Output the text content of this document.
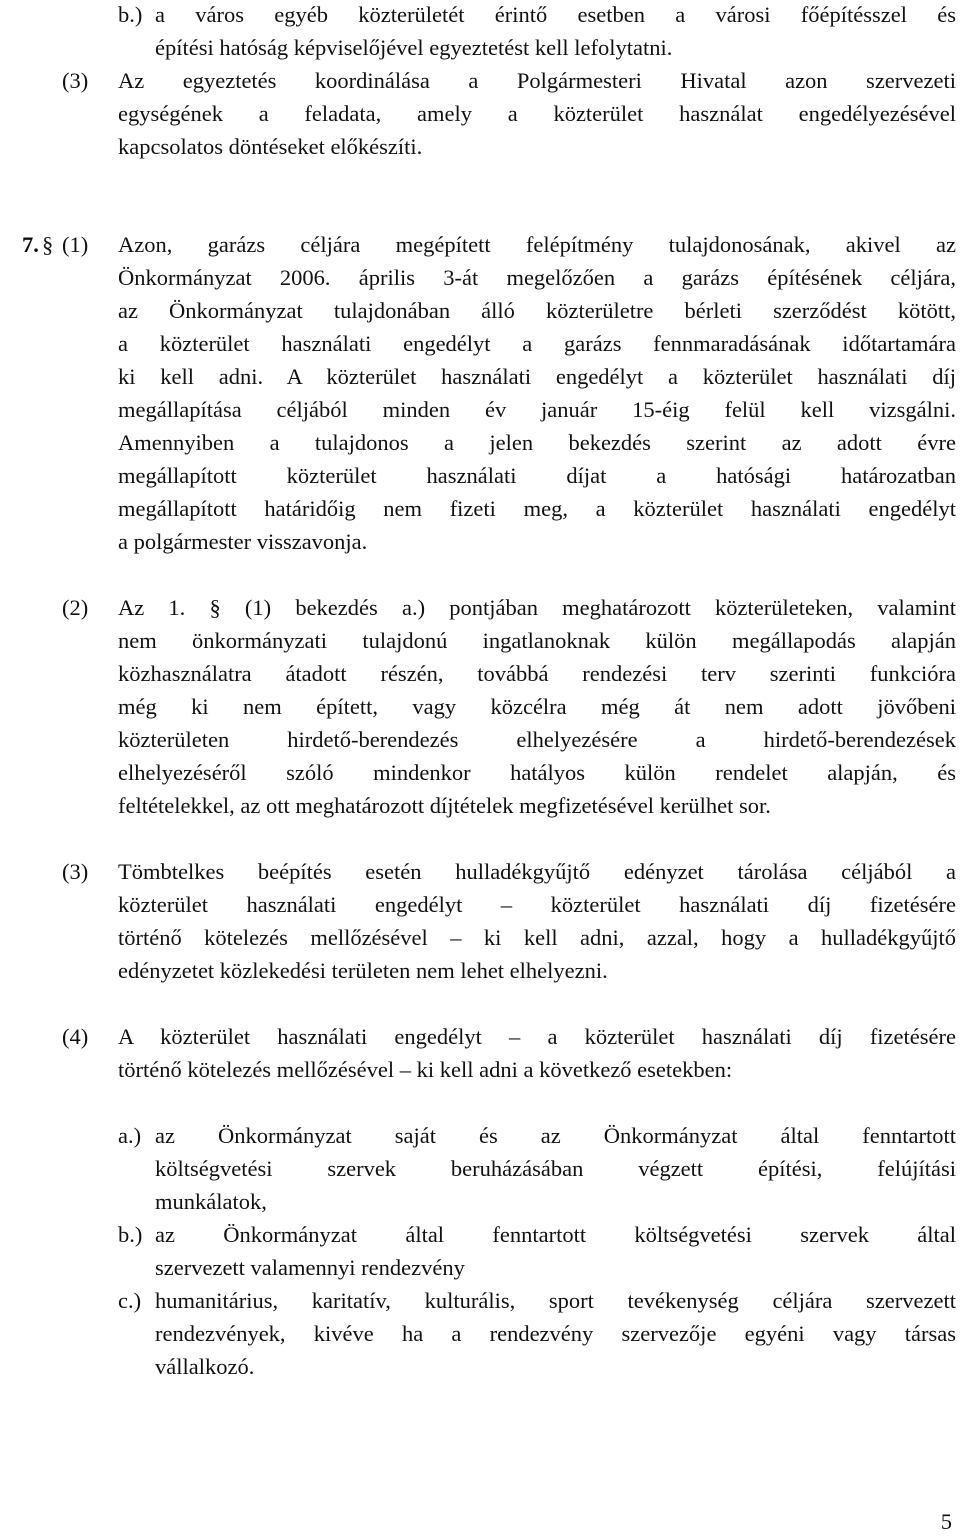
b.) a város egyéb közterületét érintő esetben a városi főépítésszel és
építési hatóság képviselőjével egyeztetést kell lefolytatni.
(3) Az egyeztetés koordinálása a Polgármesteri Hivatal azon szervezeti
egységének a feladata, amely a közterület használat engedélyezésével
kapcsolatos döntéseket előkészíti.
7. § (1) Azon, garázs céljára megépített felépítmény tulajdonosának, akivel az
Önkormányzat 2006. április 3-át megelőzően a garázs építésének céljára,
az Önkormányzat tulajdonában álló közterületre bérleti szerződést kötött,
a közterület használati engedélyt a garázs fennmaradásának időtartamára
ki kell adni. A közterület használati engedélyt a közterület használati díj
megállapítása céljából minden év január 15-éig felül kell vizsgálni.
Amennyiben a tulajdonos a jelen bekezdés szerint az adott évre
megállapított közterület használati díjat a hatósági határozatban
megállapított határidőig nem fizeti meg, a közterület használati engedélyt
a polgármester visszavonja.
(2) Az 1. § (1) bekezdés a.) pontjában meghatározott közterületeken, valamint
nem önkormányzati tulajdonú ingatlanoknak külön megállapodás alapján
közhasználatra átadott részén, továbbá rendezési terv szerinti funkcióra
még ki nem épített, vagy közcélra még át nem adott jövőbeni
közterületen hirdető-berendezés elhelyezésére a hirdető-berendezések
elhelyezéséről szóló mindenkor hatályos külön rendelet alapján, és
feltételekkel, az ott meghatározott díjtételek megfizetésével kerülhet sor.
(3) Tömbtelkes beépítés esetén hulladékgyűjtő edényzet tárolása céljából a
közterület használati engedélyt – közterület használati díj fizetésére
történő kötelezés mellőzésével – ki kell adni, azzal, hogy a hulladékgyűjtő
edényzetet közlekedési területen nem lehet elhelyezni.
(4) A közterület használati engedélyt – a közterület használati díj fizetésére
történő kötelezés mellőzésével – ki kell adni a következő esetekben:
a.) az Önkormányzat saját és az Önkormányzat által fenntartott
költségvetési szervek beruházásában végzett építési, felújítási
munkálatok,
b.) az Önkormányzat által fenntartott költségvetési szervek által
szervezett valamennyi rendezvény
c.) humanitárius, karitatív, kulturális, sport tevékenység céljára szervezett
rendezvények, kivéve ha a rendezvény szervezője egyéni vagy társas
vállalkozó.
5
